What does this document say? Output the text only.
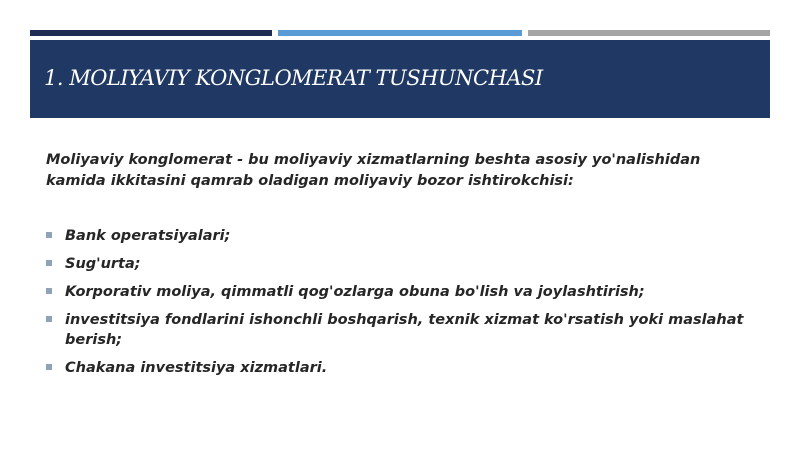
1. MOLIYAVIY KONGLOMERAT TUSHUNCHASI

Moliyaviy konglomerat - bu moliyaviy xizmatlarning beshta asosiy yo'nalishidan kamida ikkitasini qamrab oladigan moliyaviy bozor ishtirokchisi:

Bank operatsiyalari;
Sug'urta;
Korporativ moliya, qimmatli qog'ozlarga obuna bo'lish va joylashtirish;
investitsiya fondlarini ishonchli boshqarish, texnik xizmat ko'rsatish yoki maslahat berish;
Chakana investitsiya xizmatlari.
